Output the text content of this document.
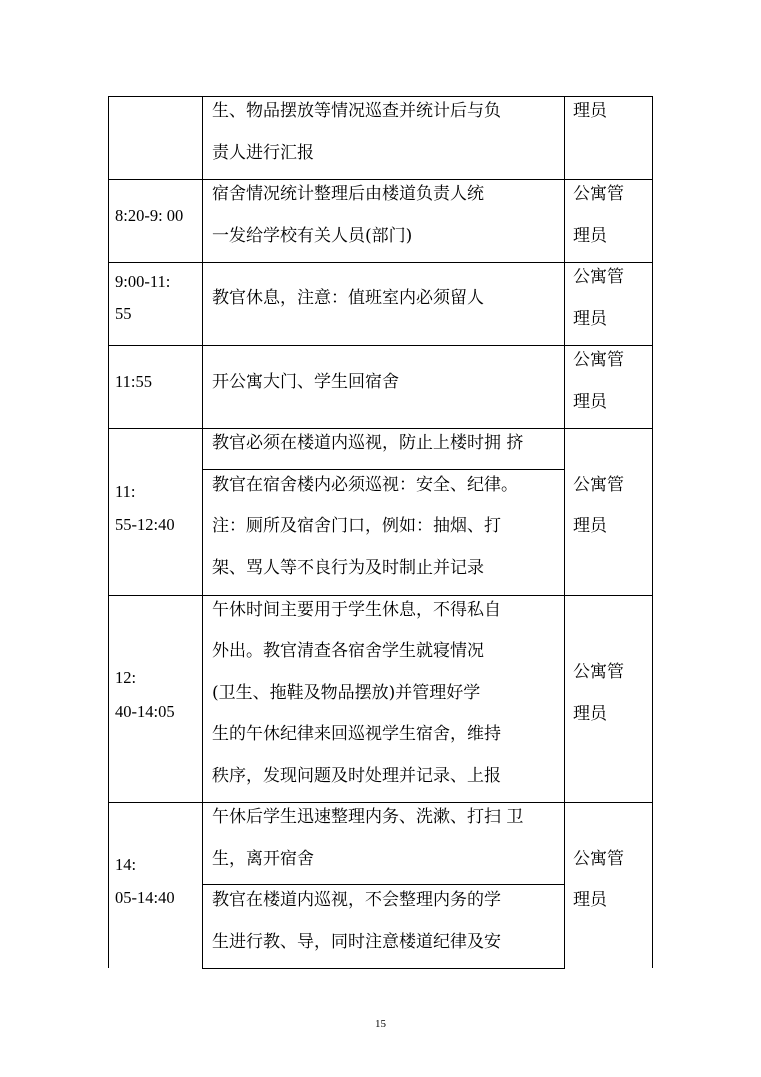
生、物品摆放等情况巡查并统计后与负
责人进行汇报
理员
8:20-9: 00
宿舍情况统计整理后由楼道负责人统
一发给学校有关人员(部门)
公寓管
理员
9:00-11:
55
教官休息，注意：值班室内必须留人
公寓管
理员
11:55	开公寓大门、学生回宿舍
公寓管
理员
11:
55-12:40
教官必须在楼道内巡视，防止上楼时拥 挤
教官在宿舍楼内必须巡视：安全、纪律。
注：厕所及宿舍门口，例如：抽烟、打
架、骂人等不良行为及时制止并记录
公寓管
理员
12:
40-14:05
午休时间主要用于学生休息，不得私自
外出。教官清查各宿舍学生就寝情况
(卫生、拖鞋及物品摆放)并管理好学
生的午休纪律来回巡视学生宿舍，维持
秩序，发现问题及时处理并记录、上报
公寓管
理员
14:
05-14:40
午休后学生迅速整理内务、洗漱、打扫 卫
生，离开宿舍
教官在楼道内巡视，不会整理内务的学
生进行教、导，同时注意楼道纪律及安
公寓管
理员
15
